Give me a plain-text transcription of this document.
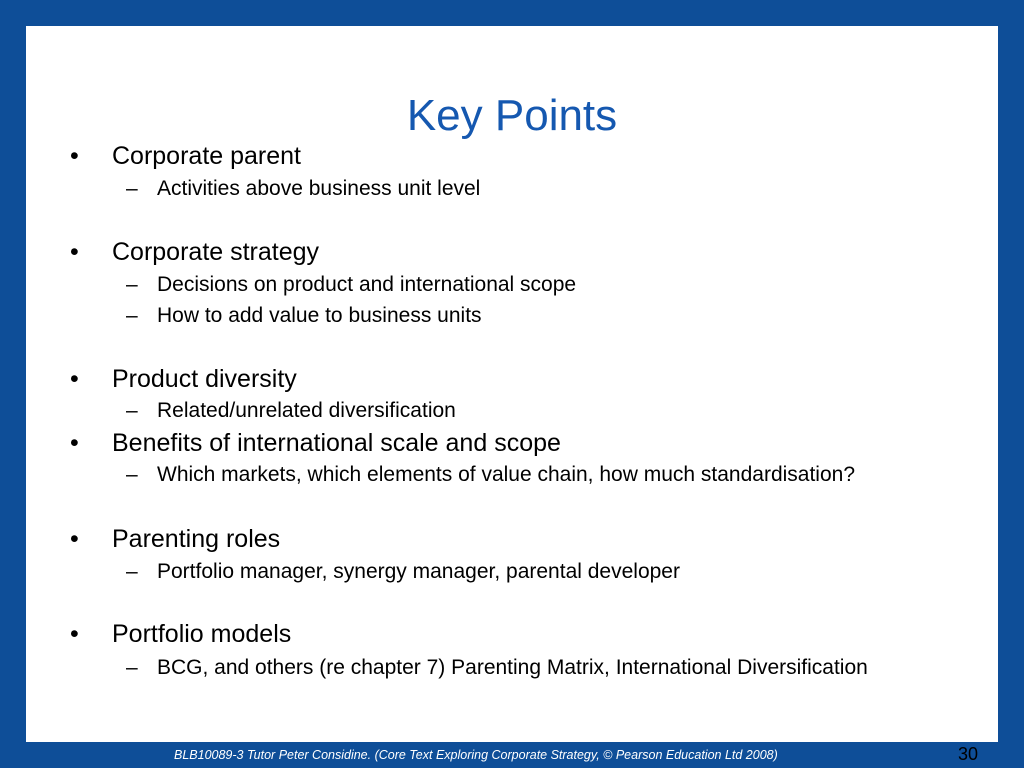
Key Points
• Corporate parent
– Activities above business unit level
• Corporate strategy
– Decisions on product and international scope
– How to add value to business units
• Product diversity
– Related/unrelated diversification
• Benefits of international scale and scope
– Which markets, which elements of value chain, how much standardisation?
• Parenting roles
– Portfolio manager, synergy manager, parental developer
• Portfolio models
– BCG, and others (re chapter 7) Parenting Matrix, International Diversification
BLB10089-3 Tutor Peter Considine. (Core Text Exploring Corporate Strategy, © Pearson Education Ltd 2008)	30
